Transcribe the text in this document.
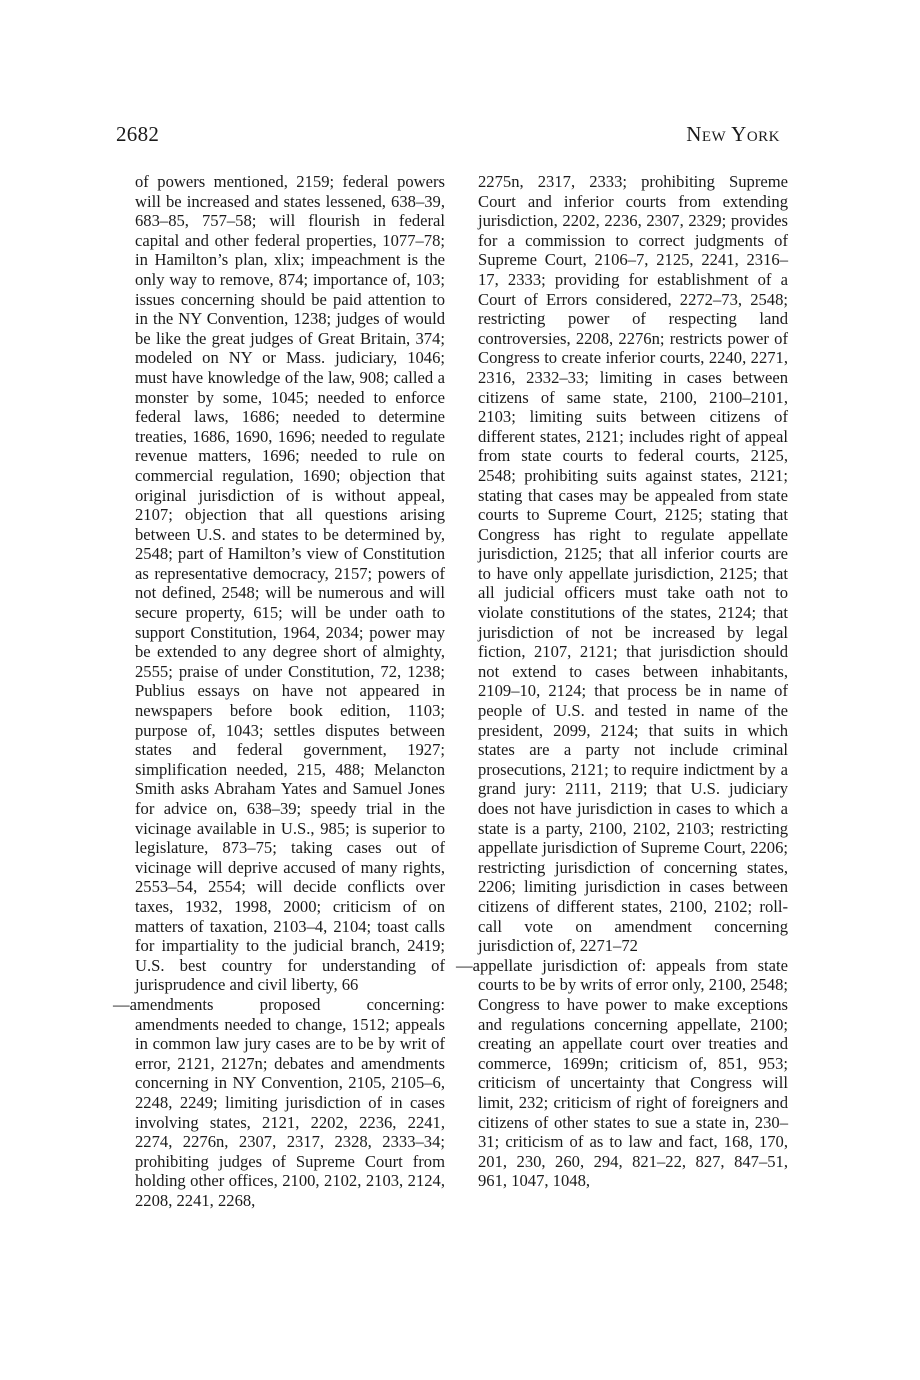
2682	New York

of powers mentioned, 2159; federal powers will be increased and states lessened, 638–39, 683–85, 757–58; will flourish in federal capital and other federal properties, 1077–78; in Hamilton’s plan, xlix; impeachment is the only way to remove, 874; importance of, 103; issues concerning should be paid attention to in the NY Convention, 1238; judges of would be like the great judges of Great Britain, 374; modeled on NY or Mass. judiciary, 1046; must have knowledge of the law, 908; called a monster by some, 1045; needed to enforce federal laws, 1686; needed to determine treaties, 1686, 1690, 1696; needed to regulate revenue matters, 1696; needed to rule on commercial regulation, 1690; objection that original jurisdiction of is without appeal, 2107; objection that all questions arising between U.S. and states to be determined by, 2548; part of Hamilton’s view of Constitution as representative democracy, 2157; powers of not defined, 2548; will be numerous and will secure property, 615; will be under oath to support Constitution, 1964, 2034; power may be extended to any degree short of almighty, 2555; praise of under Constitution, 72, 1238; Publius essays on have not appeared in newspapers before book edition, 1103; purpose of, 1043; settles disputes between states and federal government, 1927; simplification needed, 215, 488; Melancton Smith asks Abraham Yates and Samuel Jones for advice on, 638–39; speedy trial in the vicinage available in U.S., 985; is superior to legislature, 873–75; taking cases out of vicinage will deprive accused of many rights, 2553–54, 2554; will decide conflicts over taxes, 1932, 1998, 2000; criticism of on matters of taxation, 2103–4, 2104; toast calls for impartiality to the judicial branch, 2419; U.S. best country for understanding of jurisprudence and civil liberty, 66

—amendments proposed concerning: amendments needed to change, 1512; appeals in common law jury cases are to be by writ of error, 2121, 2127n; debates and amendments concerning in NY Convention, 2105, 2105–6, 2248, 2249; limiting jurisdiction of in cases involving states, 2121, 2202, 2236, 2241, 2274, 2276n, 2307, 2317, 2328, 2333–34; prohibiting judges of Supreme Court from holding other offices, 2100, 2102, 2103, 2124, 2208, 2241, 2268,

2275n, 2317, 2333; prohibiting Supreme Court and inferior courts from extending jurisdiction, 2202, 2236, 2307, 2329; provides for a commission to correct judgments of Supreme Court, 2106–7, 2125, 2241, 2316–17, 2333; providing for establishment of a Court of Errors considered, 2272–73, 2548; restricting power of respecting land controversies, 2208, 2276n; restricts power of Congress to create inferior courts, 2240, 2271, 2316, 2332–33; limiting in cases between citizens of same state, 2100, 2100–2101, 2103; limiting suits between citizens of different states, 2121; includes right of appeal from state courts to federal courts, 2125, 2548; prohibiting suits against states, 2121; stating that cases may be appealed from state courts to Supreme Court, 2125; stating that Congress has right to regulate appellate jurisdiction, 2125; that all inferior courts are to have only appellate jurisdiction, 2125; that all judicial officers must take oath not to violate constitutions of the states, 2124; that jurisdiction of not be increased by legal fiction, 2107, 2121; that jurisdiction should not extend to cases between inhabitants, 2109–10, 2124; that process be in name of people of U.S. and tested in name of the president, 2099, 2124; that suits in which states are a party not include criminal prosecutions, 2121; to require indictment by a grand jury: 2111, 2119; that U.S. judiciary does not have jurisdiction in cases to which a state is a party, 2100, 2102, 2103; restricting appellate jurisdiction of Supreme Court, 2206; restricting jurisdiction of concerning states, 2206; limiting jurisdiction in cases between citizens of different states, 2100, 2102; roll-call vote on amendment concerning jurisdiction of, 2271–72

—appellate jurisdiction of: appeals from state courts to be by writs of error only, 2100, 2548; Congress to have power to make exceptions and regulations concerning appellate, 2100; creating an appellate court over treaties and commerce, 1699n; criticism of, 851, 953; criticism of uncertainty that Congress will limit, 232; criticism of right of foreigners and citizens of other states to sue a state in, 230–31; criticism of as to law and fact, 168, 170, 201, 230, 260, 294, 821–22, 827, 847–51, 961, 1047, 1048,
